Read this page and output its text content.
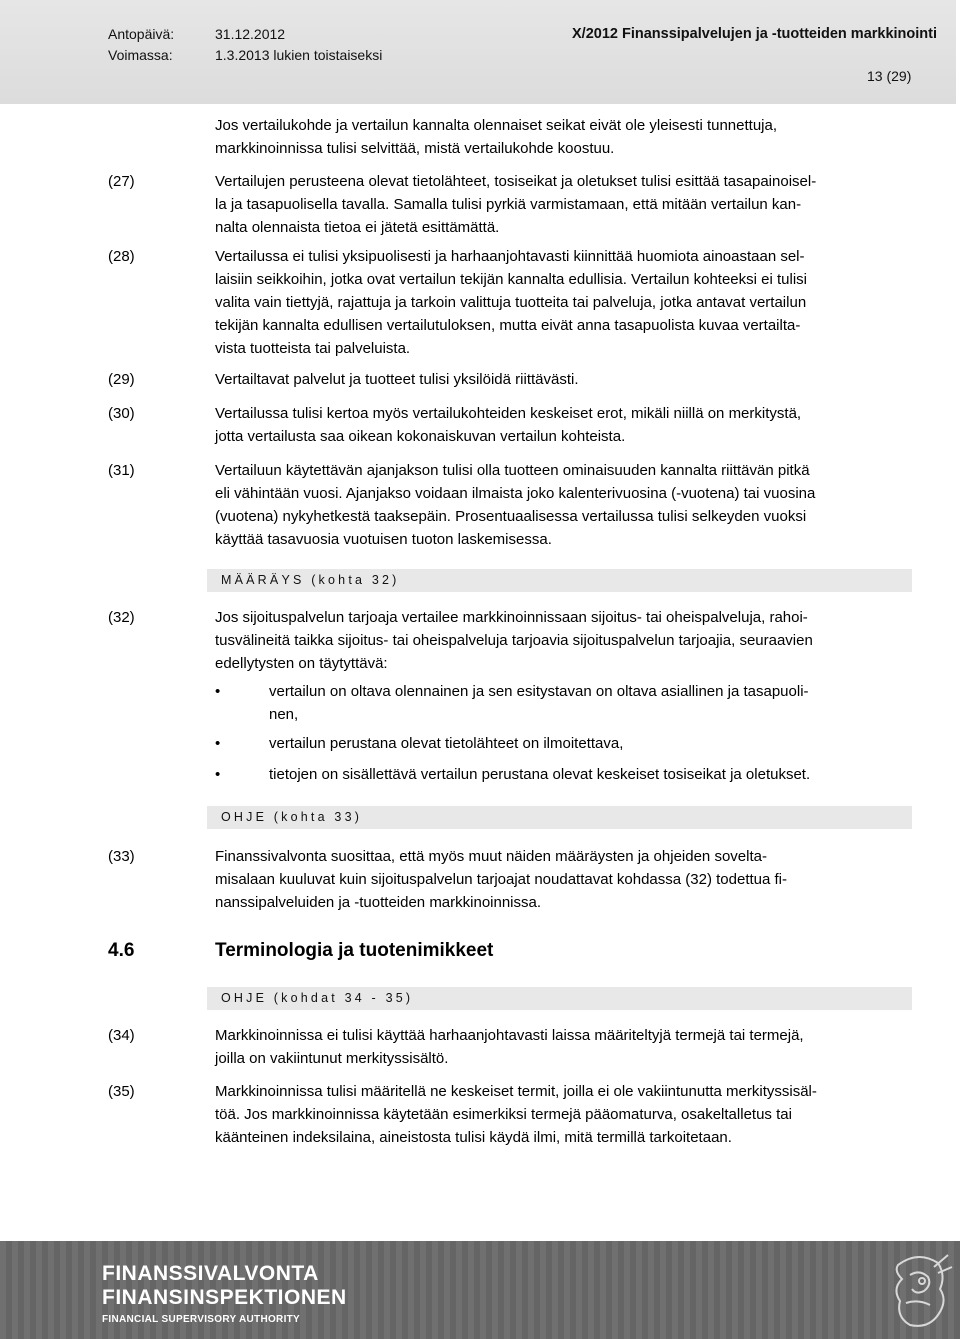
Antopäivä:	31.12.2012
Voimassa:	1.3.2013 lukien toistaiseksi
X/2012 Finanssipalvelujen ja -tuotteiden markkinointi
13 (29)

Jos vertailukohde ja vertailun kannalta olennaiset seikat eivät ole yleisesti tunnettuja,

markkinoinnissa tulisi selvittää, mistä vertailukohde koostuu.

(27)	Vertailujen perusteena olevat tietolähteet, tosiseikat ja oletukset tulisi esittää tasapainoisel-

la ja tasapuolisella tavalla. Samalla tulisi pyrkiä varmistamaan, että mitään vertailun kan-

nalta olennaista tietoa ei jätetä esittämättä.

(28)	Vertailussa ei tulisi yksipuolisesti ja harhaanjohtavasti kiinnittää huomiota ainoastaan sel-

laisiin seikkoihin, jotka ovat vertailun tekijän kannalta edullisia. Vertailun kohteeksi ei tulisi

valita vain tiettyjä, rajattuja ja tarkoin valittuja tuotteita tai palveluja, jotka antavat vertailun

tekijän kannalta edullisen vertailutuloksen, mutta eivät anna tasapuolista kuvaa vertailta-

vista tuotteista tai palveluista.

(29)	Vertailtavat palvelut ja tuotteet tulisi yksilöidä riittävästi.

(30)	Vertailussa tulisi kertoa myös vertailukohteiden keskeiset erot, mikäli niillä on merkitystä,

jotta vertailusta saa oikean kokonaiskuvan vertailun kohteista.

(31)	Vertailuun käytettävän ajanjakson tulisi olla tuotteen ominaisuuden kannalta riittävän pitkä

eli vähintään vuosi. Ajanjakso voidaan ilmaista joko kalenterivuosina (-vuotena) tai vuosina

(vuotena) nykyhetkestä taaksepäin. Prosentuaalisessa vertailussa tulisi selkeyden vuoksi

käyttää tasavuosia vuotuisen tuoton laskemisessa.

MÄÄRÄYS (kohta 32)
(32)	Jos sijoituspalvelun tarjoaja vertailee markkinoinnissaan sijoitus- tai oheispalveluja, rahoi-

tusvälineitä taikka sijoitus- tai oheispalveluja tarjoavia sijoituspalvelun tarjoajia, seuraavien

edellytysten on täytyttävä:

•	vertailun on oltava olennainen ja sen esitystavan on oltava asiallinen ja tasapuoli-
nen,
•	vertailun perustana olevat tietolähteet on ilmoitettava,
•	tietojen on sisällettävä vertailun perustana olevat keskeiset tosiseikat ja oletukset.
OHJE (kohta 33)
(33)	Finanssivalvonta suosittaa, että myös muut näiden määräysten ja ohjeiden sovelta-

misalaan kuuluvat kuin sijoituspalvelun tarjoajat noudattavat kohdassa (32) todettua fi-

nanssipalveluiden ja -tuotteiden markkinoinnissa.

4.6	Terminologia ja tuotenimikkeet
OHJE (kohdat 34 - 35)
(34)	Markkinoinnissa ei tulisi käyttää harhaanjohtavasti laissa määriteltyjä termejä tai termejä,

joilla on vakiintunut merkityssisältö.

(35)	Markkinoinnissa tulisi määritellä ne keskeiset termit, joilla ei ole vakiintunutta merkityssisäl-

töä. Jos markkinoinnissa käytetään esimerkiksi termejä pääomaturva, osakeltalletus tai

käänteinen indeksilaina, aineistosta tulisi käydä ilmi, mitä termillä tarkoitetaan.

FINANSSIVALVONTA
FINANSINSPEKTIONEN
FINANCIAL SUPERVISORY AUTHORITY
